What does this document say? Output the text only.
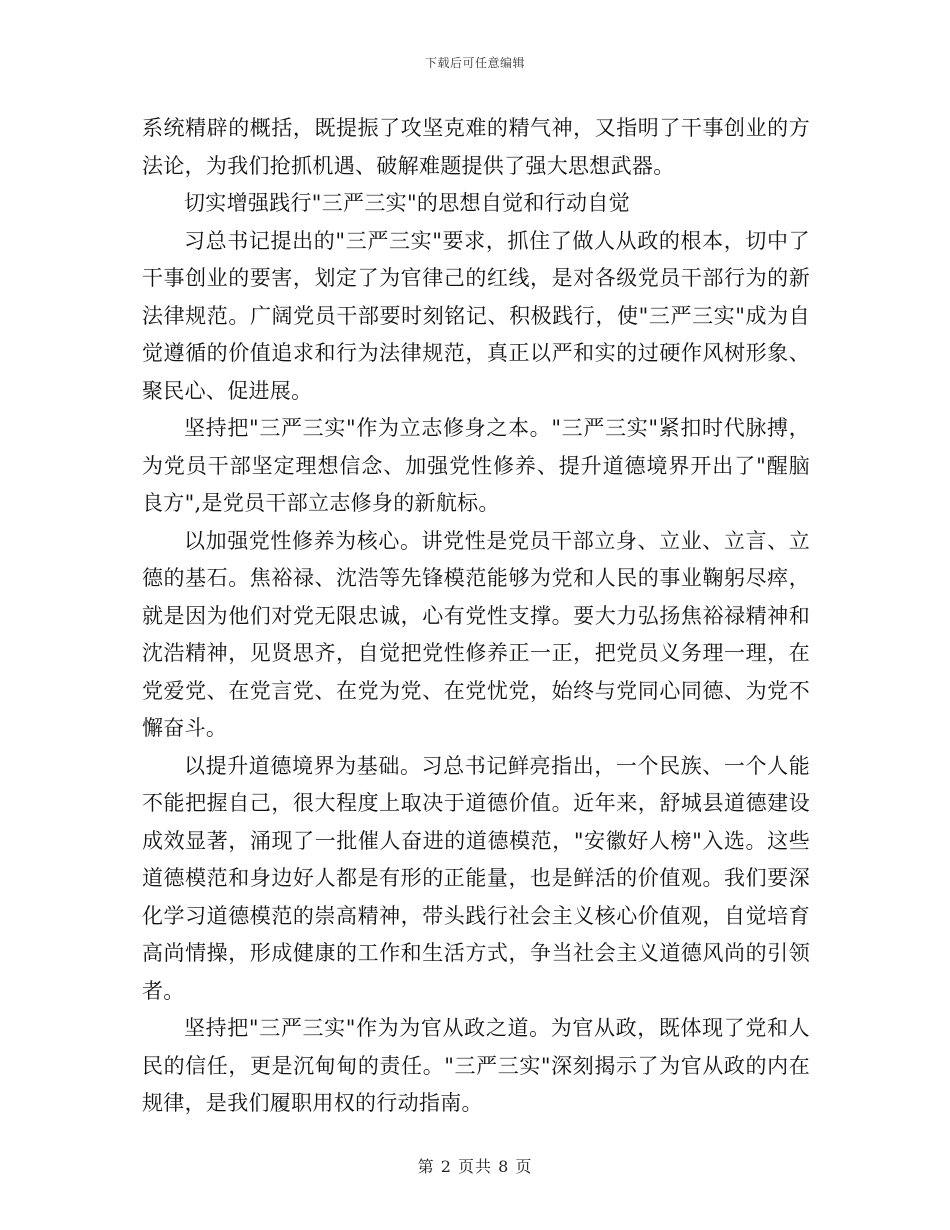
下载后可任意编辑

系统精辟的概括，既提振了攻坚克难的精气神，又指明了干事创业的方法论，为我们抢抓机遇、破解难题提供了强大思想武器。

切实增强践行"三严三实"的思想自觉和行动自觉

习总书记提出的"三严三实"要求，抓住了做人从政的根本，切中了干事创业的要害，划定了为官律己的红线，是对各级党员干部行为的新法律规范。广阔党员干部要时刻铭记、积极践行，使"三严三实"成为自觉遵循的价值追求和行为法律规范，真正以严和实的过硬作风树形象、聚民心、促进展。

坚持把"三严三实"作为立志修身之本。"三严三实"紧扣时代脉搏，为党员干部坚定理想信念、加强党性修养、提升道德境界开出了"醒脑良方",是党员干部立志修身的新航标。

以加强党性修养为核心。讲党性是党员干部立身、立业、立言、立德的基石。焦裕禄、沈浩等先锋模范能够为党和人民的事业鞠躬尽瘁，就是因为他们对党无限忠诚，心有党性支撑。要大力弘扬焦裕禄精神和沈浩精神，见贤思齐，自觉把党性修养正一正，把党员义务理一理，在党爱党、在党言党、在党为党、在党忧党，始终与党同心同德、为党不懈奋斗。

以提升道德境界为基础。习总书记鲜亮指出，一个民族、一个人能不能把握自己，很大程度上取决于道德价值。近年来，舒城县道德建设成效显著，涌现了一批催人奋进的道德模范，"安徽好人榜"入选。这些道德模范和身边好人都是有形的正能量，也是鲜活的价值观。我们要深化学习道德模范的崇高精神，带头践行社会主义核心价值观，自觉培育高尚情操，形成健康的工作和生活方式，争当社会主义道德风尚的引领者。

坚持把"三严三实"作为为官从政之道。为官从政，既体现了党和人民的信任，更是沉甸甸的责任。"三严三实"深刻揭示了为官从政的内在规律，是我们履职用权的行动指南。

第 2 页共 8 页
